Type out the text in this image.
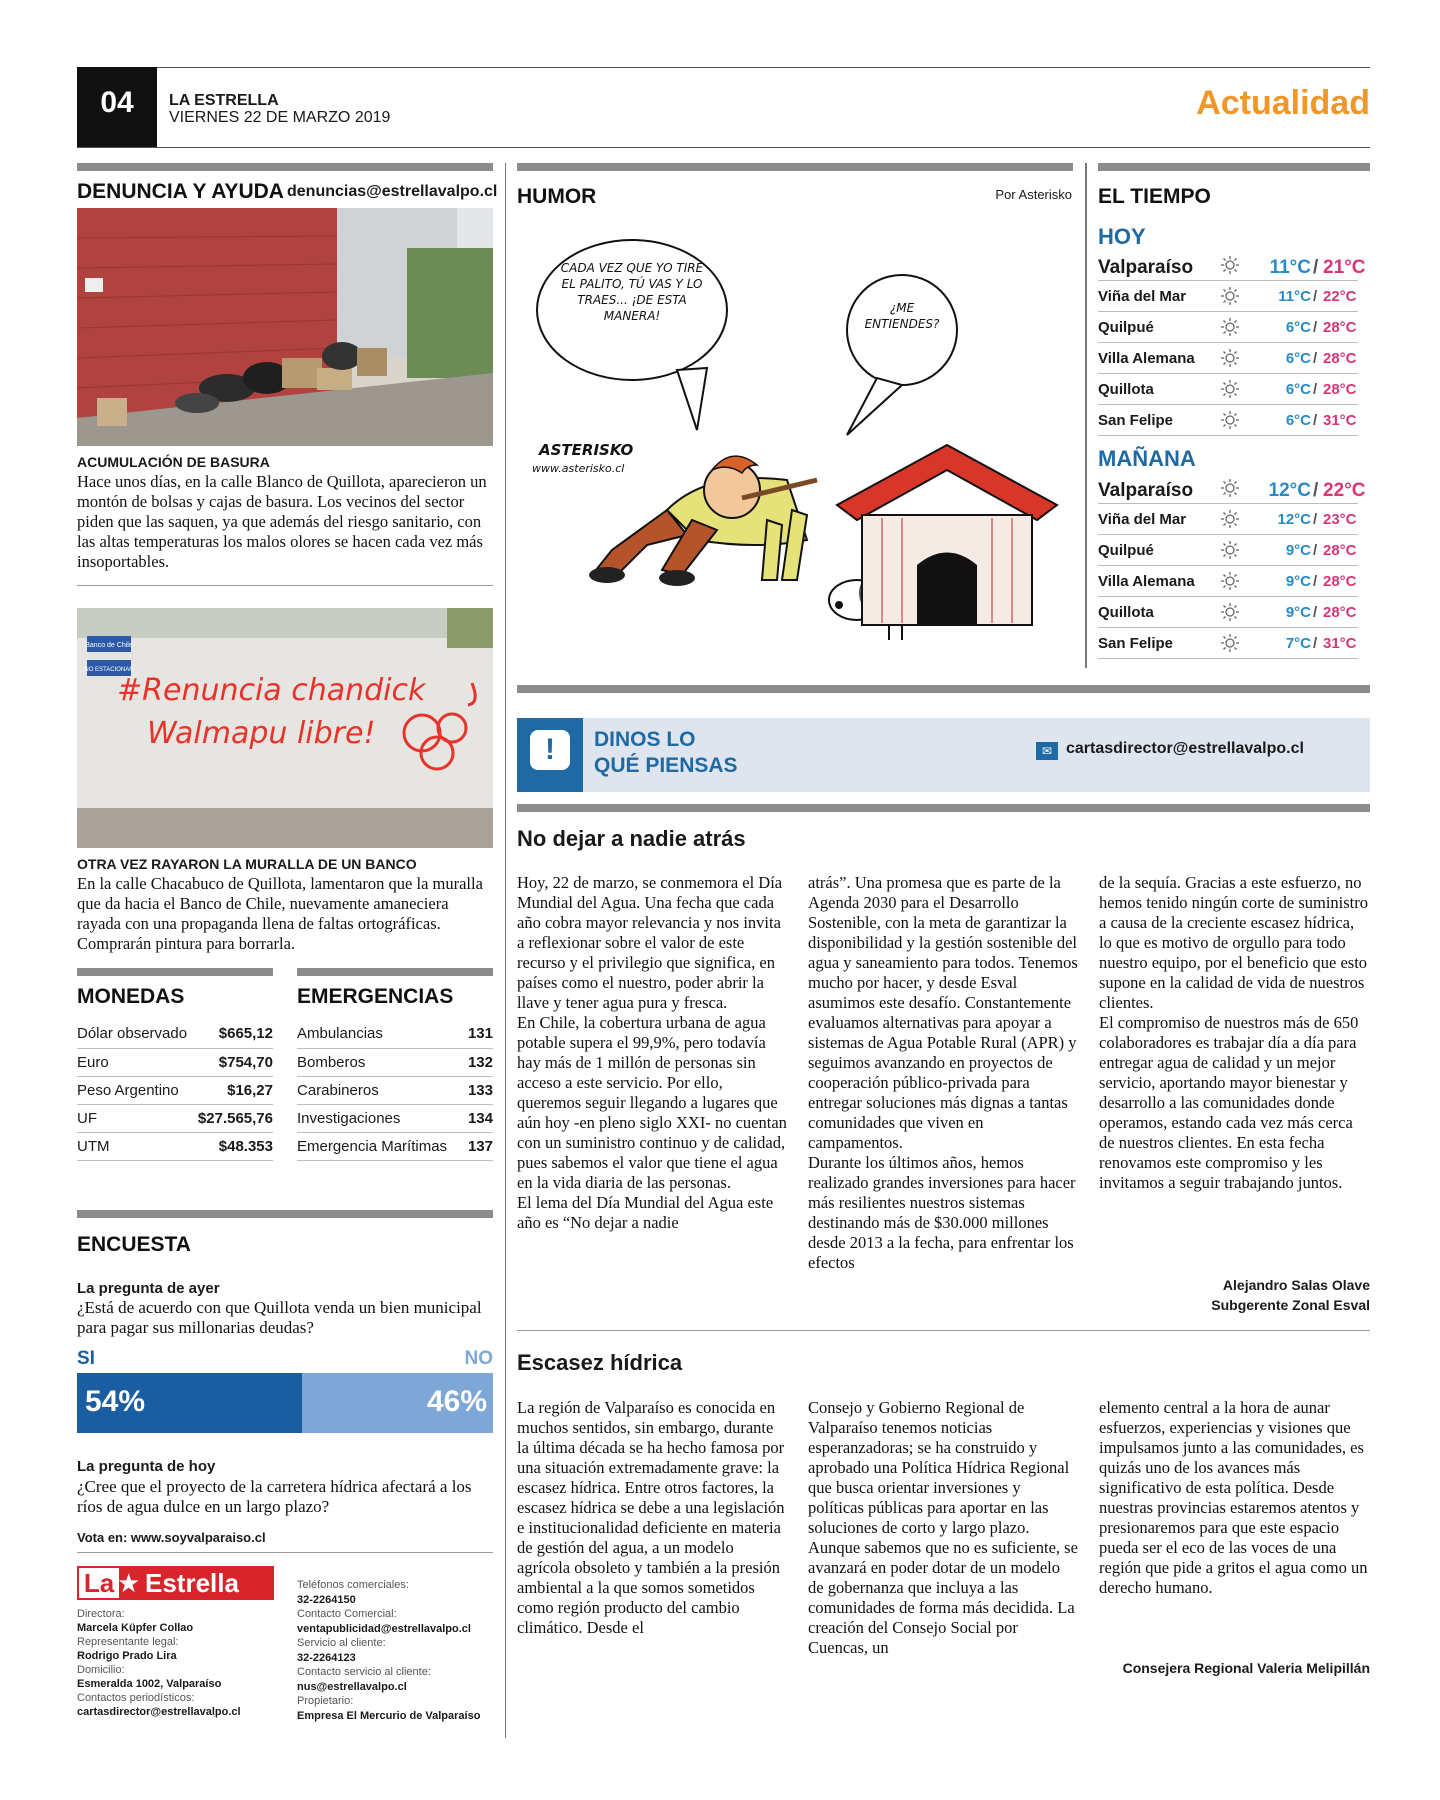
04	LA ESTRELLA
VIERNES 22 DE MARZO 2019	Actualidad
DENUNCIA Y AYUDA denuncias@estrellavalpo.cl
ACUMULACIÓN DE BASURA
Hace unos días, en la calle Blanco de Quillota, aparecieron un montón de bolsas y cajas de basura. Los vecinos del sector piden que las saquen, ya que además del riesgo sanitario, con las altas temperaturas los malos olores se hacen cada vez más insoportables.
Banco de Chile
NO ESTACIONAR
#Renuncia chandick
Walmapu libre!
OTRA VEZ RAYARON LA MURALLA DE UN BANCO
En la calle Chacabuco de Quillota, lamentaron que la muralla que da hacia el Banco de Chile, nuevamente amaneciera rayada con una propaganda llena de faltas ortográficas. Comprarán pintura para borrarla.
MONEDAS
Dólar observado	$665,12
Euro	$754,70
Peso Argentino	$16,27
UF	$27.565,76
UTM	$48.353
EMERGENCIAS
Ambulancias	131
Bomberos	132
Carabineros	133
Investigaciones	134
Emergencia Marítimas	137
ENCUESTA
La pregunta de ayer
¿Está de acuerdo con que Quillota venda un bien municipal para pagar sus millonarias deudas?
SI	NO
54%	46%
La pregunta de hoy
¿Cree que el proyecto de la carretera hídrica afectará a los ríos de agua dulce en un largo plazo?
Vota en: www.soyvalparaiso.cl
La ★ Estrella
Directora:
Marcela Küpfer Collao
Representante legal:
Rodrigo Prado Lira
Domicilio:
Esmeralda 1002, Valparaíso
Contactos periodísticos:
cartasdirector@estrellavalpo.cl
Teléfonos comerciales:
32-2264150
Contacto Comercial:
ventapublicidad@estrellavalpo.cl
Servicio al cliente:
32-2264123
Contacto servicio al cliente:
nus@estrellavalpo.cl
Propietario:
Empresa El Mercurio de Valparaíso
HUMOR	Por Asterisko
CADA VEZ QUE YO TIRE EL PALITO, TÚ VAS Y LO TRAES... ¡DE ESTA MANERA!
¿ME ENTIENDES?
ASTERISKO
www.asterisko.cl
EL TIEMPO
HOY
Valparaíso	11°C / 21°C
Viña del Mar	11°C / 22°C
Quilpué	6°C / 28°C
Villa Alemana	6°C / 28°C
Quillota	6°C / 28°C
San Felipe	6°C / 31°C
MAÑANA
Valparaíso	12°C / 22°C
Viña del Mar	12°C / 23°C
Quilpué	9°C / 28°C
Villa Alemana	9°C / 28°C
Quillota	9°C / 28°C
San Felipe	7°C / 31°C
!	DINOS LO
QUÉ PIENSAS
✉ cartasdirector@estrellavalpo.cl
No dejar a nadie atrás
Hoy, 22 de marzo, se conmemora el Día Mundial del Agua. Una fecha que cada año cobra mayor relevancia y nos invita a reflexionar sobre el valor de este recurso y el privilegio que significa, en países como el nuestro, poder abrir la llave y tener agua pura y fresca.
En Chile, la cobertura urbana de agua potable supera el 99,9%, pero todavía hay más de 1 millón de personas sin acceso a este servicio. Por ello, queremos seguir llegando a lugares que aún hoy -en pleno siglo XXI- no cuentan con un suministro continuo y de calidad, pues sabemos el valor que tiene el agua en la vida diaria de las personas.
El lema del Día Mundial del Agua este año es “No dejar a nadie
atrás”. Una promesa que es parte de la Agenda 2030 para el Desarrollo Sostenible, con la meta de garantizar la disponibilidad y la gestión sostenible del agua y saneamiento para todos. Tenemos mucho por hacer, y desde Esval asumimos este desafío. Constantemente evaluamos alternativas para apoyar a sistemas de Agua Potable Rural (APR) y seguimos avanzando en proyectos de cooperación público-privada para entregar soluciones más dignas a tantas comunidades que viven en campamentos.
Durante los últimos años, hemos realizado grandes inversiones para hacer más resilientes nuestros sistemas destinando más de $30.000 millones desde 2013 a la fecha, para enfrentar los efectos
de la sequía. Gracias a este esfuerzo, no hemos tenido ningún corte de suministro a causa de la creciente escasez hídrica, lo que es motivo de orgullo para todo nuestro equipo, por el beneficio que esto supone en la calidad de vida de nuestros clientes.
El compromiso de nuestros más de 650 colaboradores es trabajar día a día para entregar agua de calidad y un mejor servicio, aportando mayor bienestar y desarrollo a las comunidades donde operamos, estando cada vez más cerca de nuestros clientes. En esta fecha renovamos este compromiso y les invitamos a seguir trabajando juntos.
Alejandro Salas Olave
Subgerente Zonal Esval
Escasez hídrica
La región de Valparaíso es conocida en muchos sentidos, sin embargo, durante la última década se ha hecho famosa por una situación extremadamente grave: la escasez hídrica. Entre otros factores, la escasez hídrica se debe a una legislación e institucionalidad deficiente en materia de gestión del agua, a un modelo agrícola obsoleto y también a la presión ambiental a la que somos sometidos como región producto del cambio climático. Desde el
Consejo y Gobierno Regional de Valparaíso tenemos noticias esperanzadoras; se ha construido y aprobado una Política Hídrica Regional que busca orientar inversiones y políticas públicas para aportar en las soluciones de corto y largo plazo. Aunque sabemos que no es suficiente, se avanzará en poder dotar de un modelo de gobernanza que incluya a las comunidades de forma más decidida. La creación del Consejo Social por Cuencas, un
elemento central a la hora de aunar esfuerzos, experiencias y visiones que impulsamos junto a las comunidades, es quizás uno de los avances más significativo de esta política. Desde nuestras provincias estaremos atentos y presionaremos para que este espacio pueda ser el eco de las voces de una región que pide a gritos el agua como un derecho humano.
Consejera Regional Valeria Melipillán
